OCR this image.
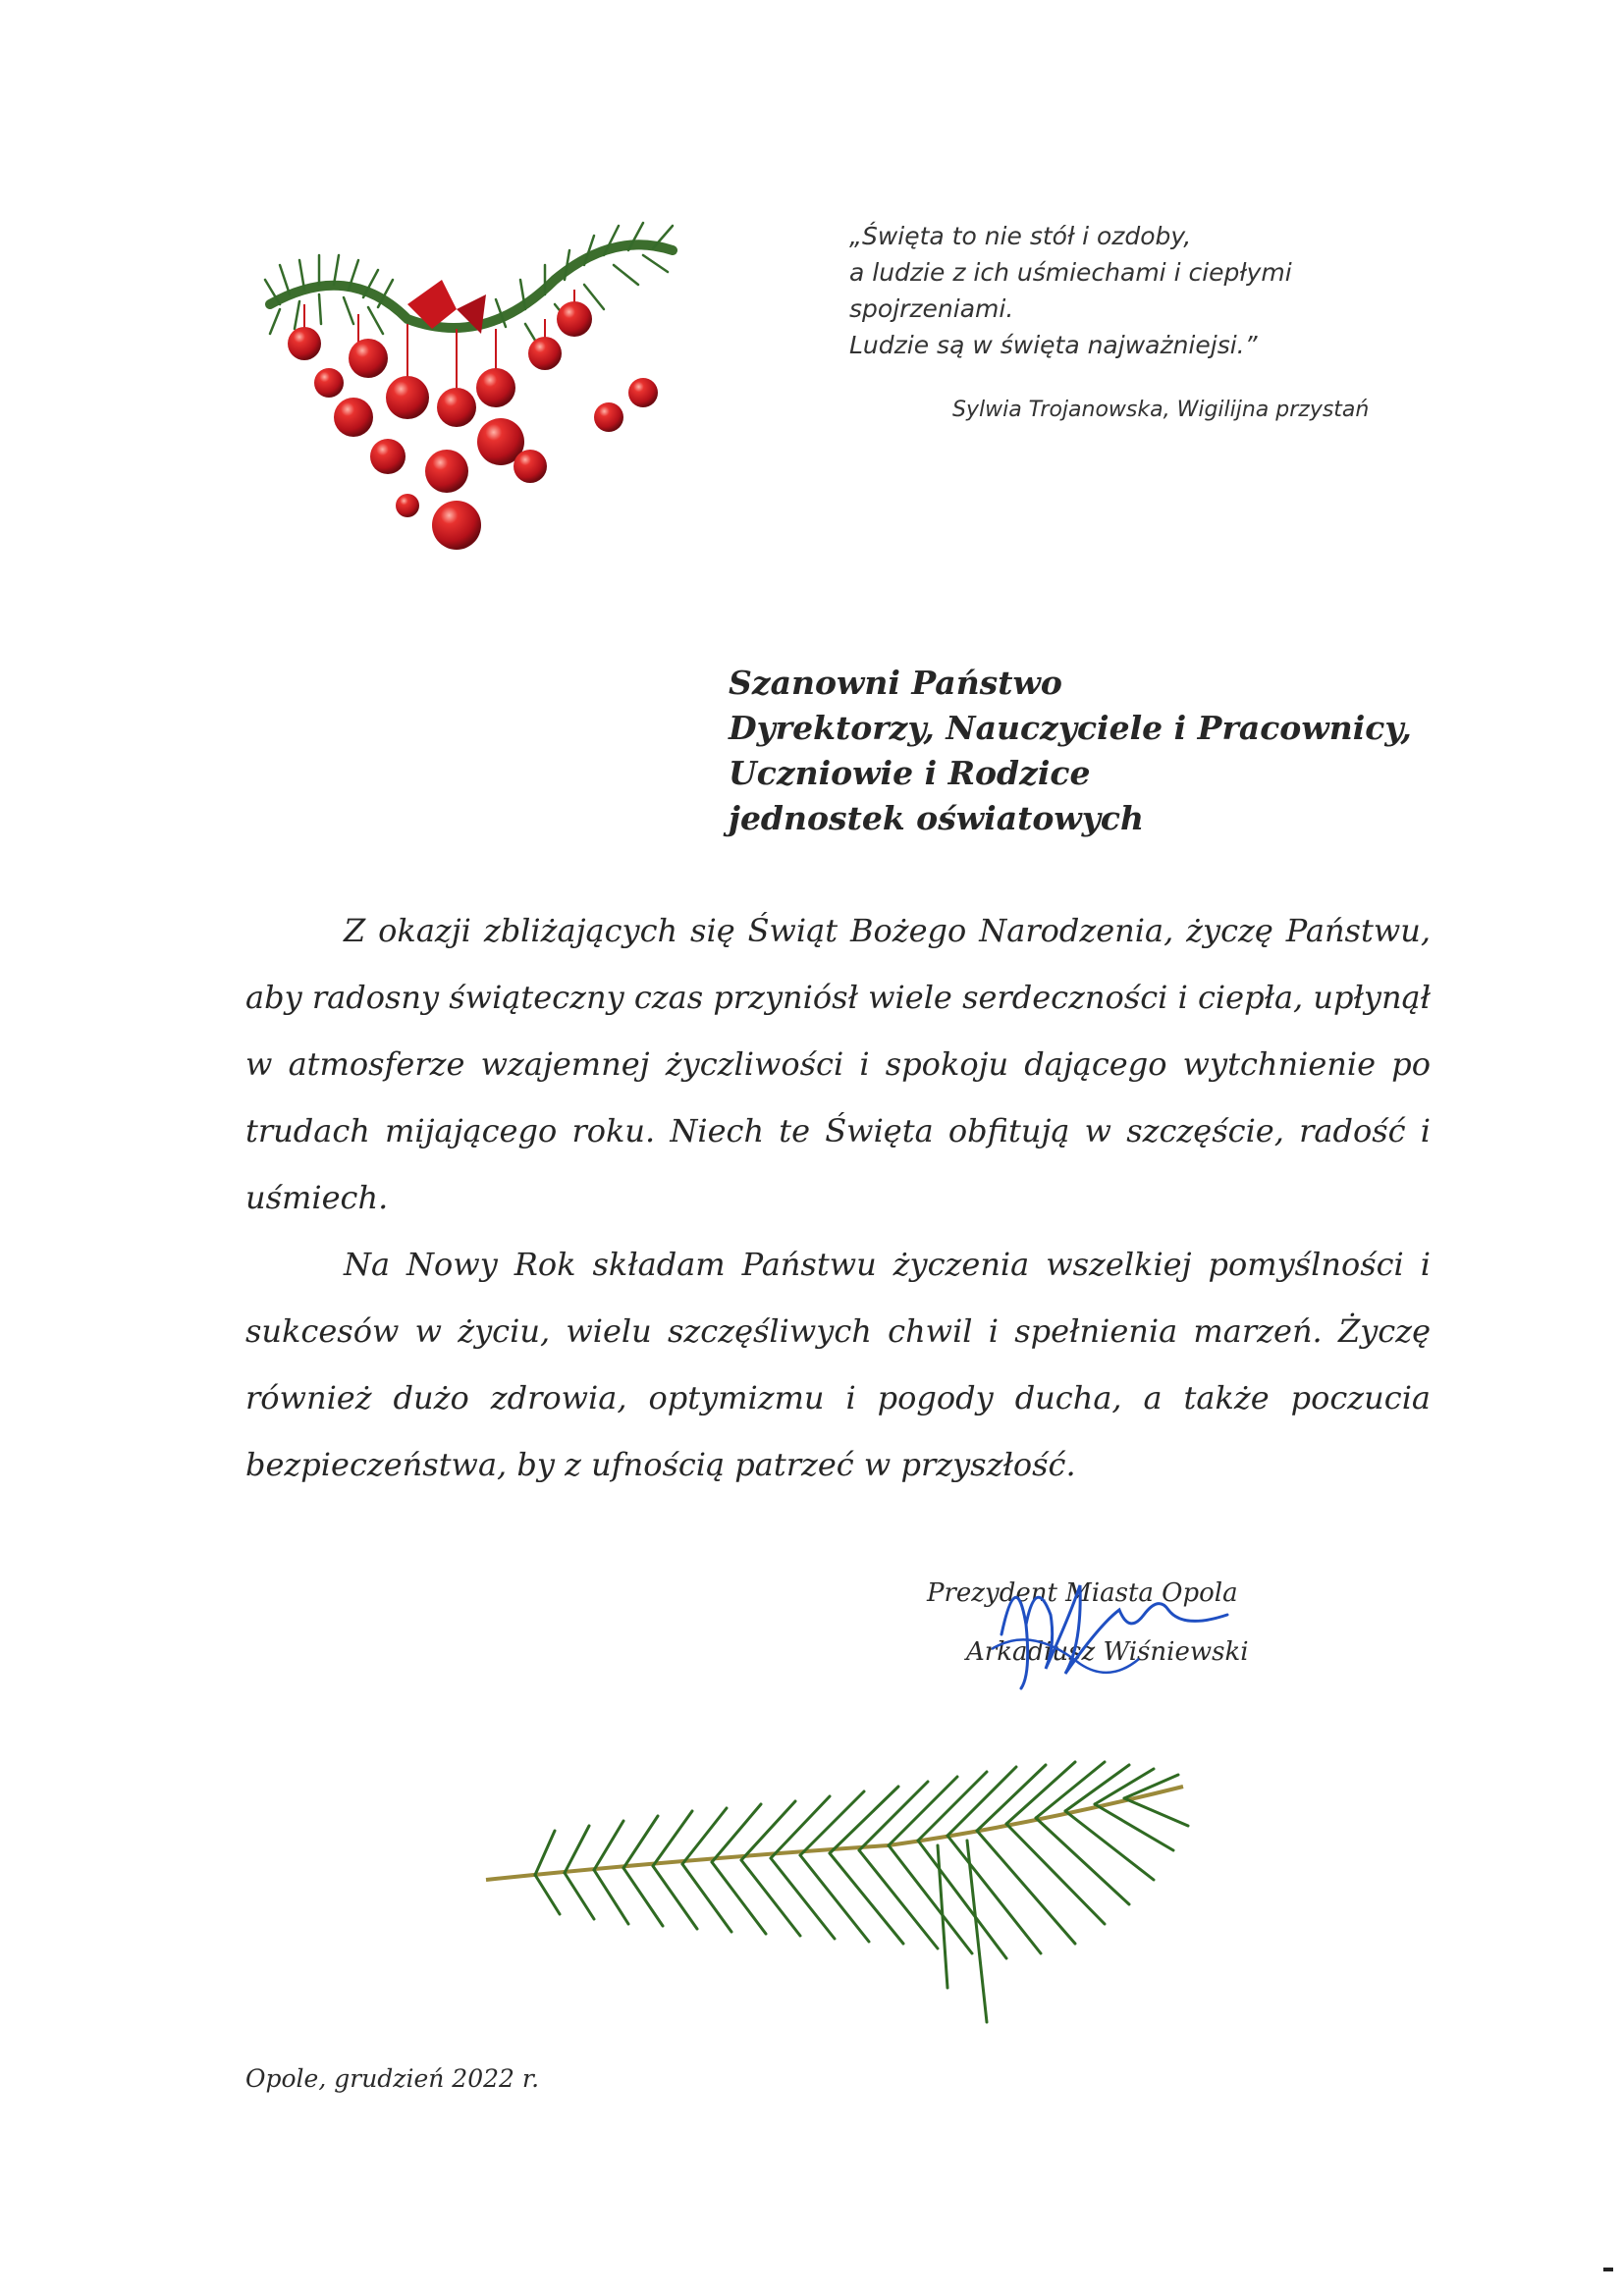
„Święta to nie stół i ozdoby,
a ludzie z ich uśmiechami i ciepłymi
spojrzeniami.
Ludzie są w święta najważniejsi.”
Sylwia Trojanowska, Wigilijna przystań
Szanowni Państwo
Dyrektorzy, Nauczyciele i Pracownicy,
Uczniowie i Rodzice
jednostek oświatowych

Z okazji zbliżających się Świąt Bożego Narodzenia, życzę Państwu, aby radosny świąteczny czas przyniósł wiele serdeczności i ciepła, upłynął w atmosferze wzajemnej życzliwości i spokoju dającego wytchnienie po trudach mijającego roku. Niech te Święta obfitują w szczęście, radość i uśmiech.

Na Nowy Rok składam Państwu życzenia wszelkiej pomyślności i sukcesów w życiu, wielu szczęśliwych chwil i spełnienia marzeń. Życzę również dużo zdrowia, optymizmu i pogody ducha, a także poczucia bezpieczeństwa, by z ufnością patrzeć w przyszłość.

Prezydent Miasta Opola
Arkadiusz Wiśniewski
Opole, grudzień 2022 r.
